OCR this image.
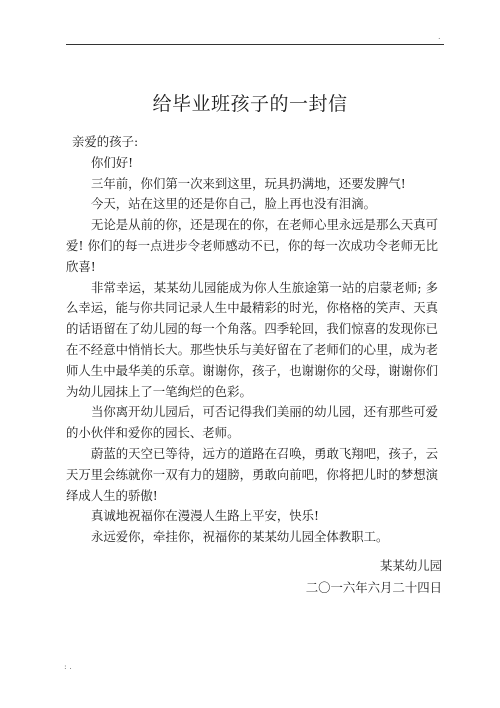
.
给毕业班孩子的一封信

亲爱的孩子:

你们好!

三年前，你们第一次来到这里，玩具扔满地，还要发脾气!

今天，站在这里的还是你自己，脸上再也没有泪滴。

无论是从前的你，还是现在的你，在老师心里永远是那么天真可爱! 你们的每一点进步令老师感动不已，你的每一次成功令老师无比欣喜!

非常幸运，某某幼儿园能成为你人生旅途第一站的启蒙老师; 多么幸运，能与你共同记录人生中最精彩的时光，你格格的笑声、天真的话语留在了幼儿园的每一个角落。四季轮回，我们惊喜的发现你已在不经意中悄悄长大。那些快乐与美好留在了老师们的心里，成为老师人生中最华美的乐章。谢谢你，孩子，也谢谢你的父母，谢谢你们为幼儿园抹上了一笔绚烂的色彩。

当你离开幼儿园后，可否记得我们美丽的幼儿园，还有那些可爱的小伙伴和爱你的园长、老师。

蔚蓝的天空已等待，远方的道路在召唤，勇敢飞翔吧，孩子，云天万里会练就你一双有力的翅膀，勇敢向前吧，你将把儿时的梦想演绎成人生的骄傲!

真诚地祝福你在漫漫人生路上平安，快乐!

永远爱你，牵挂你，祝福你的某某幼儿园全体教职工。

某某幼儿园
二〇一六年六月二十四日
: .
